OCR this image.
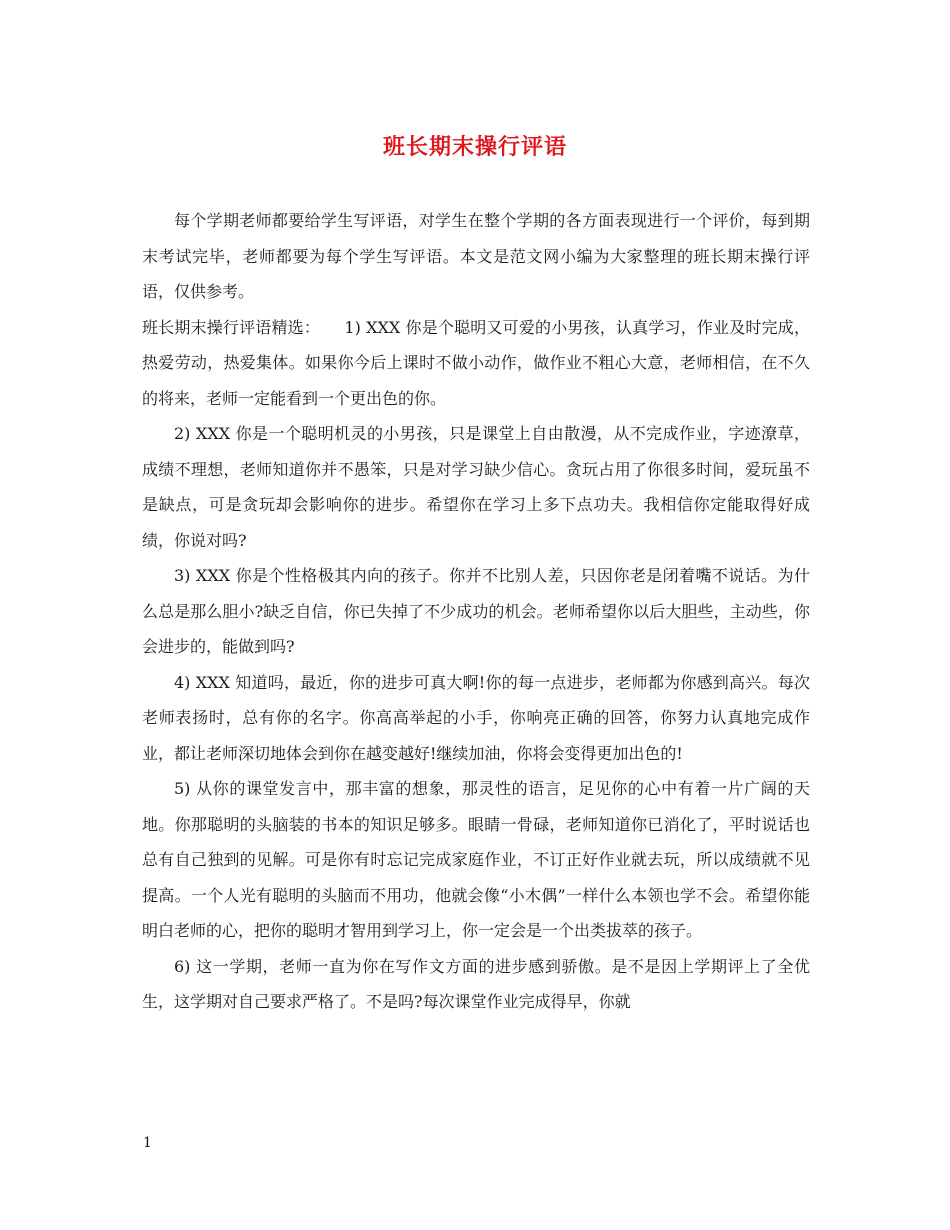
班长期末操行评语

每个学期老师都要给学生写评语，对学生在整个学期的各方面表现进行一个评价，每到期末考试完毕，老师都要为每个学生写评语。本文是范文网小编为大家整理的班长期末操行评语，仅供参考。

班长期末操行评语精选：　　1) XXX 你是个聪明又可爱的小男孩，认真学习，作业及时完成，热爱劳动，热爱集体。如果你今后上课时不做小动作，做作业不粗心大意，老师相信，在不久的将来，老师一定能看到一个更出色的你。

2) XXX 你是一个聪明机灵的小男孩，只是课堂上自由散漫，从不完成作业，字迹潦草，成绩不理想，老师知道你并不愚笨，只是对学习缺少信心。贪玩占用了你很多时间，爱玩虽不是缺点，可是贪玩却会影响你的进步。希望你在学习上多下点功夫。我相信你定能取得好成绩，你说对吗?

3) XXX 你是个性格极其内向的孩子。你并不比别人差，只因你老是闭着嘴不说话。为什么总是那么胆小?缺乏自信，你已失掉了不少成功的机会。老师希望你以后大胆些，主动些，你会进步的，能做到吗?

4) XXX 知道吗，最近，你的进步可真大啊!你的每一点进步，老师都为你感到高兴。每次老师表扬时，总有你的名字。你高高举起的小手，你响亮正确的回答，你努力认真地完成作业，都让老师深切地体会到你在越变越好!继续加油，你将会变得更加出色的!

5) 从你的课堂发言中，那丰富的想象，那灵性的语言，足见你的心中有着一片广阔的天地。你那聪明的头脑装的书本的知识足够多。眼睛一骨碌，老师知道你已消化了，平时说话也总有自己独到的见解。可是你有时忘记完成家庭作业，不订正好作业就去玩，所以成绩就不见提高。一个人光有聪明的头脑而不用功，他就会像“小木偶”一样什么本领也学不会。希望你能明白老师的心，把你的聪明才智用到学习上，你一定会是一个出类拔萃的孩子。

6) 这一学期，老师一直为你在写作文方面的进步感到骄傲。是不是因上学期评上了全优生，这学期对自己要求严格了。不是吗?每次课堂作业完成得早，你就

1
